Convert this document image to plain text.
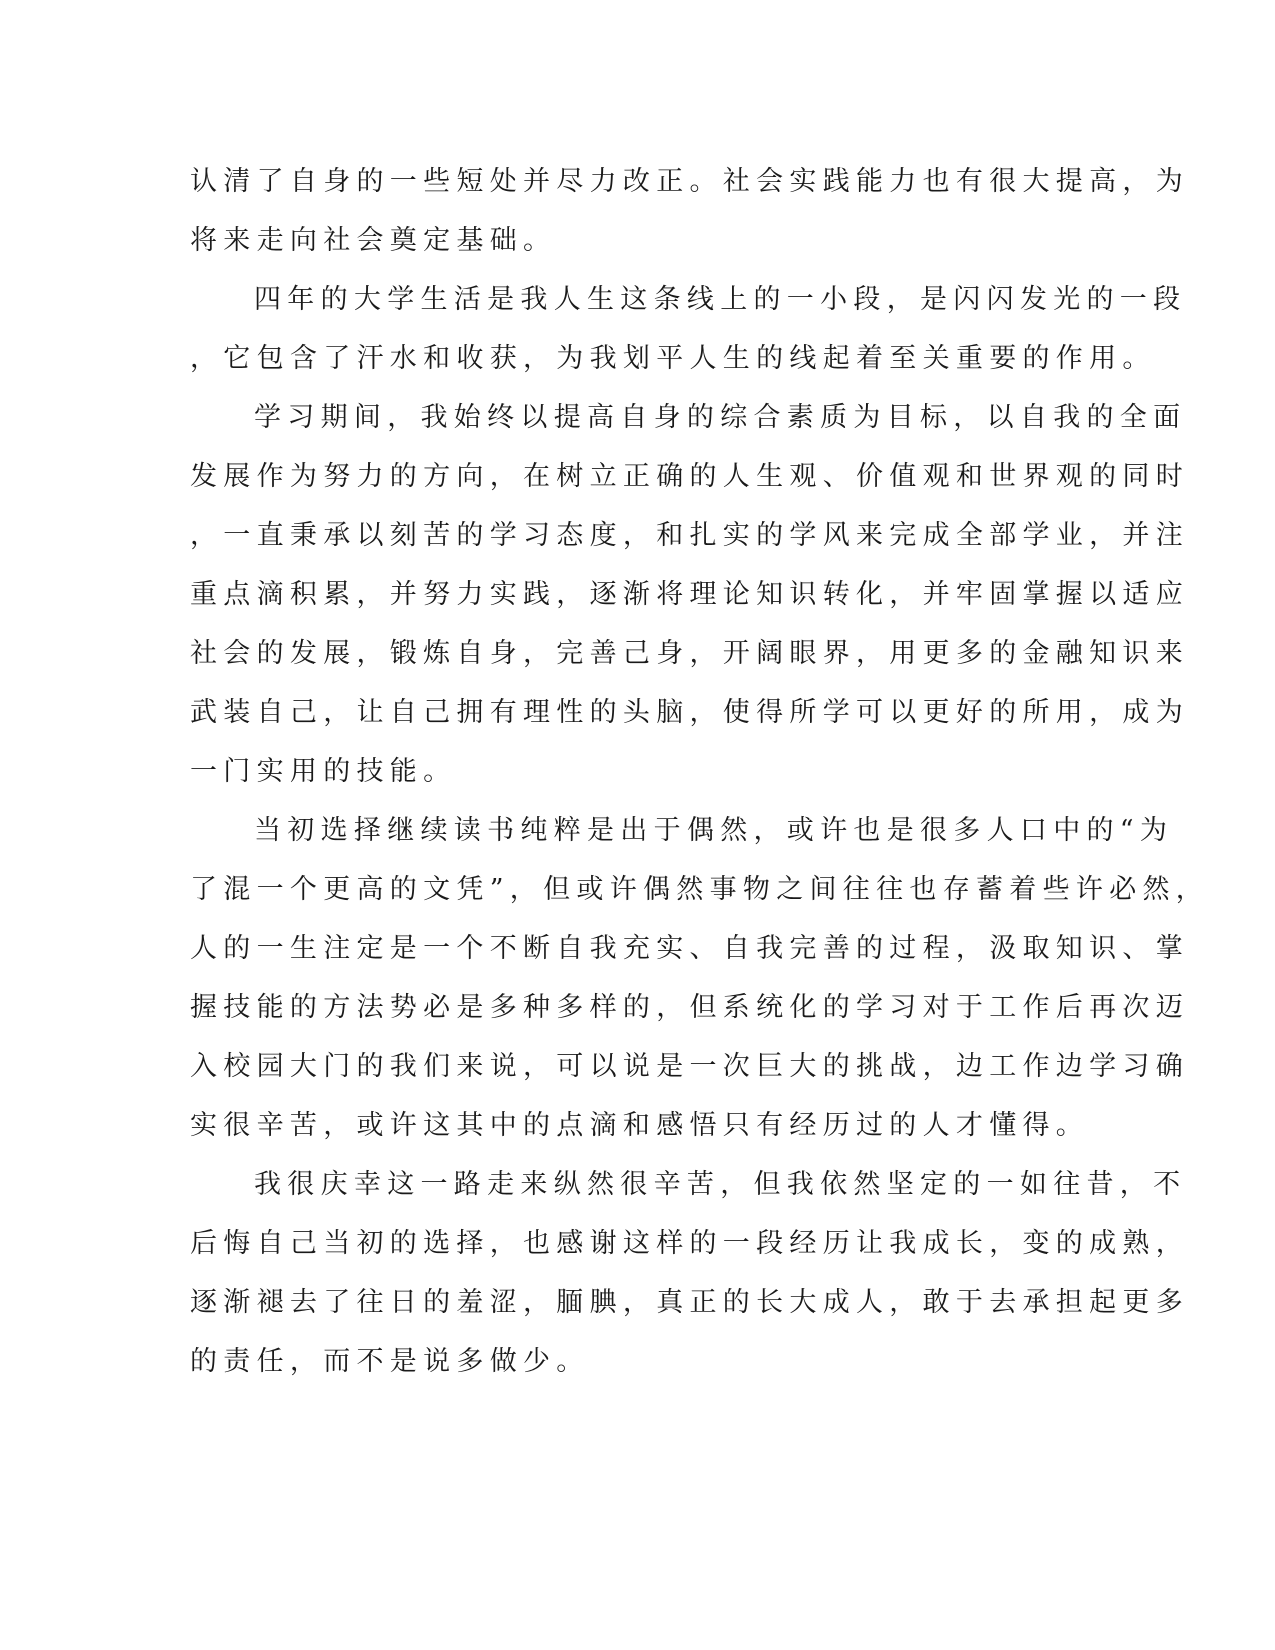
认清了自身的一些短处并尽力改正。社会实践能力也有很大提高，为
将来走向社会奠定基础。
四年的大学生活是我人生这条线上的一小段，是闪闪发光的一段
，它包含了汗水和收获，为我划平人生的线起着至关重要的作用。
学习期间，我始终以提高自身的综合素质为目标，以自我的全面
发展作为努力的方向，在树立正确的人生观、价值观和世界观的同时
，一直秉承以刻苦的学习态度，和扎实的学风来完成全部学业，并注
重点滴积累，并努力实践，逐渐将理论知识转化，并牢固掌握以适应
社会的发展，锻炼自身，完善己身，开阔眼界，用更多的金融知识来
武装自己，让自己拥有理性的头脑，使得所学可以更好的所用，成为
一门实用的技能。
当初选择继续读书纯粹是出于偶然，或许也是很多人口中的“为
了混一个更高的文凭”，但或许偶然事物之间往往也存蓄着些许必然，
人的一生注定是一个不断自我充实、自我完善的过程，汲取知识、掌
握技能的方法势必是多种多样的，但系统化的学习对于工作后再次迈
入校园大门的我们来说，可以说是一次巨大的挑战，边工作边学习确
实很辛苦，或许这其中的点滴和感悟只有经历过的人才懂得。
我很庆幸这一路走来纵然很辛苦，但我依然坚定的一如往昔，不
后悔自己当初的选择，也感谢这样的一段经历让我成长，变的成熟，
逐渐褪去了往日的羞涩，腼腆，真正的长大成人，敢于去承担起更多
的责任，而不是说多做少。
